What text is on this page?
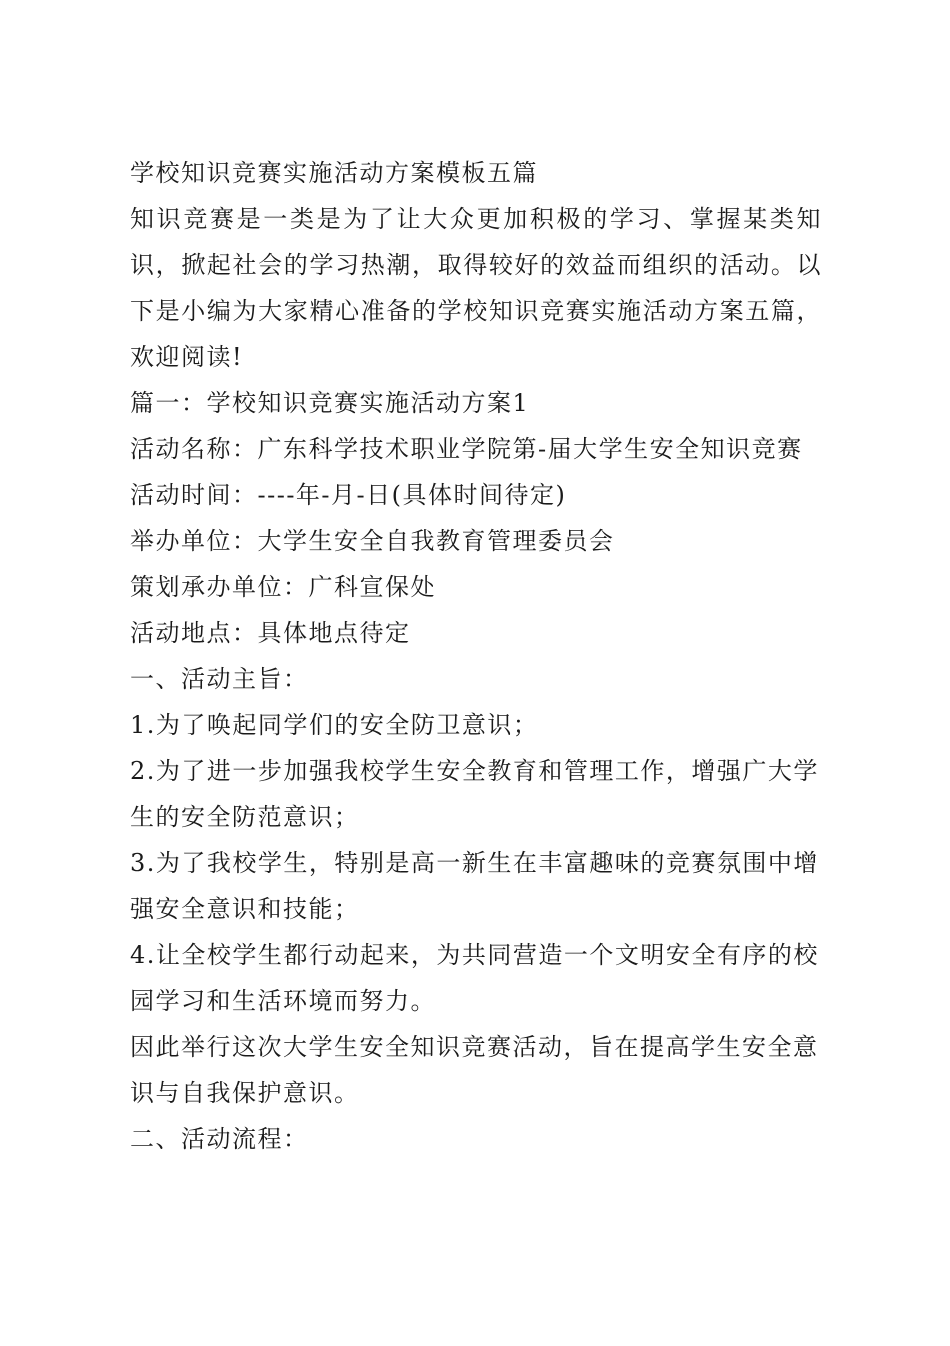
学校知识竞赛实施活动方案模板五篇

知识竞赛是一类是为了让大众更加积极的学习、掌握某类知识，掀起社会的学习热潮，取得较好的效益而组织的活动。以下是小编为大家精心准备的学校知识竞赛实施活动方案五篇，欢迎阅读!

篇一：学校知识竞赛实施活动方案1

活动名称：广东科学技术职业学院第-届大学生安全知识竞赛

活动时间：----年-月-日(具体时间待定)

举办单位：大学生安全自我教育管理委员会

策划承办单位：广科宣保处

活动地点：具体地点待定

一、活动主旨：

1.为了唤起同学们的安全防卫意识；

2.为了进一步加强我校学生安全教育和管理工作，增强广大学生的安全防范意识；

3.为了我校学生，特别是高一新生在丰富趣味的竞赛氛围中增强安全意识和技能；

4.让全校学生都行动起来，为共同营造一个文明安全有序的校园学习和生活环境而努力。

因此举行这次大学生安全知识竞赛活动，旨在提高学生安全意识与自我保护意识。

二、活动流程：
